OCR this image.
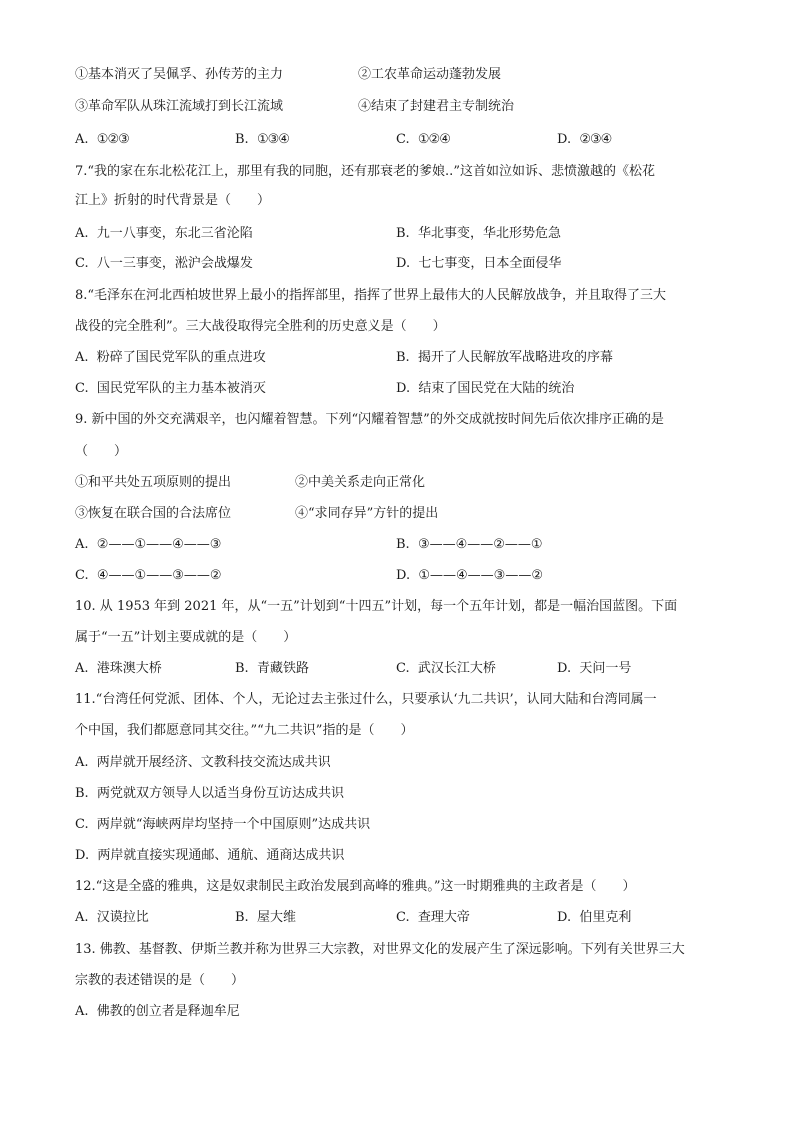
①基本消灭了吴佩孚、孙传芳的主力	②工农革命运动蓬勃发展
③革命军队从珠江流域打到长江流域	④结束了封建君主专制统治
A. ①②③	B. ①③④	C. ①②④	D. ②③④
7.“我的家在东北松花江上，那里有我的同胞，还有那衰老的爹娘..”这首如泣如诉、悲愤激越的《松花
江上》折射的时代背景是（　　）
A. 九一八事变，东北三省沦陷	B. 华北事变，华北形势危急
C. 八一三事变，淞沪会战爆发	D. 七七事变，日本全面侵华
8.“毛泽东在河北西柏坡世界上最小的指挥部里，指挥了世界上最伟大的人民解放战争，并且取得了三大
战役的完全胜利”。三大战役取得完全胜利的历史意义是（　　）
A. 粉碎了国民党军队的重点进攻	B. 揭开了人民解放军战略进攻的序幕
C. 国民党军队的主力基本被消灭	D. 结束了国民党在大陆的统治
9. 新中国的外交充满艰辛，也闪耀着智慧。下列“闪耀着智慧”的外交成就按时间先后依次排序正确的是
（　　）
①和平共处五项原则的提出	②中美关系走向正常化
③恢复在联合国的合法席位	④“求同存异”方针的提出
A. ②——①——④——③	B. ③——④——②——①
C. ④——①——③——②	D. ①——④——③——②
10. 从 1953 年到 2021 年，从“一五”计划到“十四五”计划，每一个五年计划，都是一幅治国蓝图。下面
属于“一五”计划主要成就的是（　　）
A. 港珠澳大桥	B. 青藏铁路	C. 武汉长江大桥	D. 天问一号
11.“台湾任何党派、团体、个人，无论过去主张过什么，只要承认‘九二共识’，认同大陆和台湾同属一
个中国，我们都愿意同其交往。”“九二共识”指的是（　　）
A. 两岸就开展经济、文教科技交流达成共识
B. 两党就双方领导人以适当身份互访达成共识
C. 两岸就“海峡两岸均坚持一个中国原则”达成共识
D. 两岸就直接实现通邮、通航、通商达成共识
12.“这是全盛的雅典，这是奴隶制民主政治发展到高峰的雅典。”这一时期雅典的主政者是（　　）
A. 汉谟拉比	B. 屋大维	C. 查理大帝	D. 伯里克利
13. 佛教、基督教、伊斯兰教并称为世界三大宗教，对世界文化的发展产生了深远影响。下列有关世界三大
宗教的表述错误的是（　　）
A. 佛教的创立者是释迦牟尼
